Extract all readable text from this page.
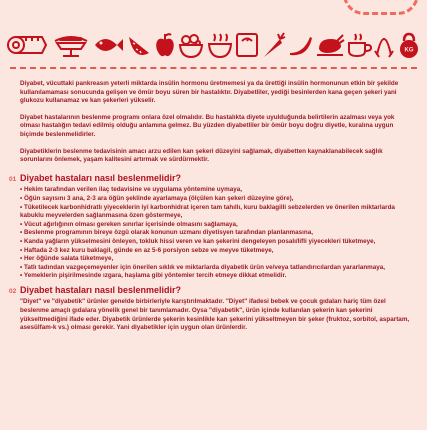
KG

Diyabet, vücuttaki pankreasın yeterli miktarda insülin hormonu üretmemesi ya da ürettiği insülin hormonunun etkin bir şekilde kullanılamaması sonucunda gelişen ve ömür boyu süren bir hastalıktır. Diyabetliler, yediği besinlerden kana geçen şekeri yani glukozu kullanamaz ve kan şekerleri yükselir.

Diyabet hastalarının beslenme programı onlara özel olmalıdır. Bu hastalıkta diyete uyulduğunda belirtilerin azalması veya yok olması hastalığın tedavi edilmiş olduğu anlamına gelmez. Bu yüzden diyabetliler bir ömür boyu doğru diyetle, kuralına uygun biçimde beslenmelidirler.

Diyabetiklerin beslenme tedavisinin amacı arzu edilen kan şekeri düzeyini sağlamak, diyabetten kaynaklanabilecek sağlık sorunlarını önlemek, yaşam kalitesini artırmak ve sürdürmektir.

01 Diyabet hastaları nasıl beslenmelidir?
• Hekim tarafından verilen ilaç tedavisine ve uygulama yöntemine uymaya,
• Öğün sayısını 3 ana, 2-3 ara öğün şeklinde ayarlamaya (ölçülen kan şekeri düzeyine göre),
• Tüketilecek karbonhidratlı yiyeceklerin iyi karbonhidrat içeren tam tahıllı, kuru baklagilli sebzelerden ve önerilen miktarlarda kabuklu meyvelerden sağlanmasına özen göstermeye,
• Vücut ağırlığının olması gereken sınırlar içerisinde olmasını sağlamaya,
• Beslenme programının bireye özgü olarak konunun uzmanı diyetisyen tarafından planlanmasına,
• Kanda yağların yükselmesini önleyen, tokluk hissi veren ve kan şekerini dengeleyen posalı/lifli yiyecekleri tüketmeye,
• Haftada 2-3 kez kuru baklagil, günde en az 5-6 porsiyon sebze ve meyve tüketmeye,
• Her öğünde salata tüketmeye,
• Tatlı tadından vazgeçemeyenler için önerilen sıklık ve miktarlarda diyabetik ürün ve/veya tatlandırıcılardan yararlanmaya,
• Yemeklerin pişirilmesinde ızgara, haşlama gibi yöntemler tercih etmeye dikkat etmelidir.
02 Diyabet hastaları nasıl beslenmelidir?

"Diyet" ve "diyabetik" ürünler genelde birbirleriyle karıştırılmaktadır. "Diyet" ifadesi bebek ve çocuk gıdaları hariç tüm özel beslenme amaçlı gıdalara yönelik genel bir tanımlamadır. Oysa "diyabetik", ürün içinde kullanılan şekerin kan şekerini yükseltmediğini ifade eder. Diyabetik ürünlerde şekerin kesinlikle kan şekerini yükseltmeyen bir şeker (fruktoz, sorbitol, aspartam, asesülfam-k vs.) olması gerekir. Yani diyabetikler için uygun olan ürünlerdir.
